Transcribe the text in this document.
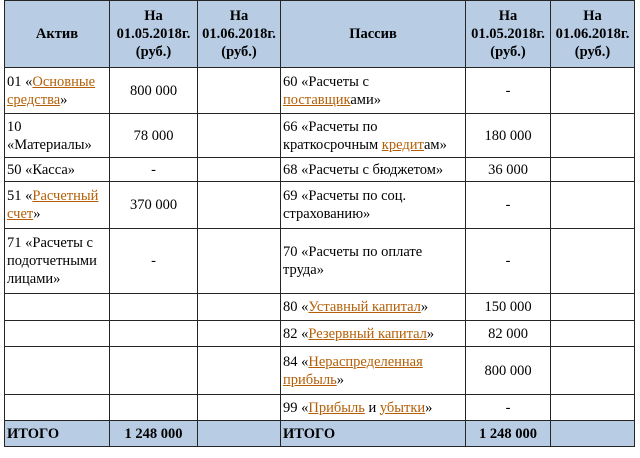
Актив	На
01.05.2018г.
(руб.)	На
01.06.2018г.
(руб.)	Пассив	На
01.05.2018г.
(руб.)	На
01.06.2018г.
(руб.)
01 «Основные средства»	800 000		60 «Расчеты с поставщиками»	-	
10 «Материалы»	78 000		66 «Расчеты по краткосрочным кредитам»	180 000	
50 «Касса»	-		68 «Расчеты с бюджетом»	36 000	
51 «Расчетный счет»	370 000		69 «Расчеты по соц. страхованию»	-	
71 «Расчеты с подотчетными лицами»	-		70 «Расчеты по оплате труда»	-	
			80 «Уставный капитал»	150 000	
			82 «Резервный капитал»	82 000	
			84 «Нераспределенная прибыль»	800 000	
			99 «Прибыль и убытки»	-	
ИТОГО	1 248 000		ИТОГО	1 248 000	
